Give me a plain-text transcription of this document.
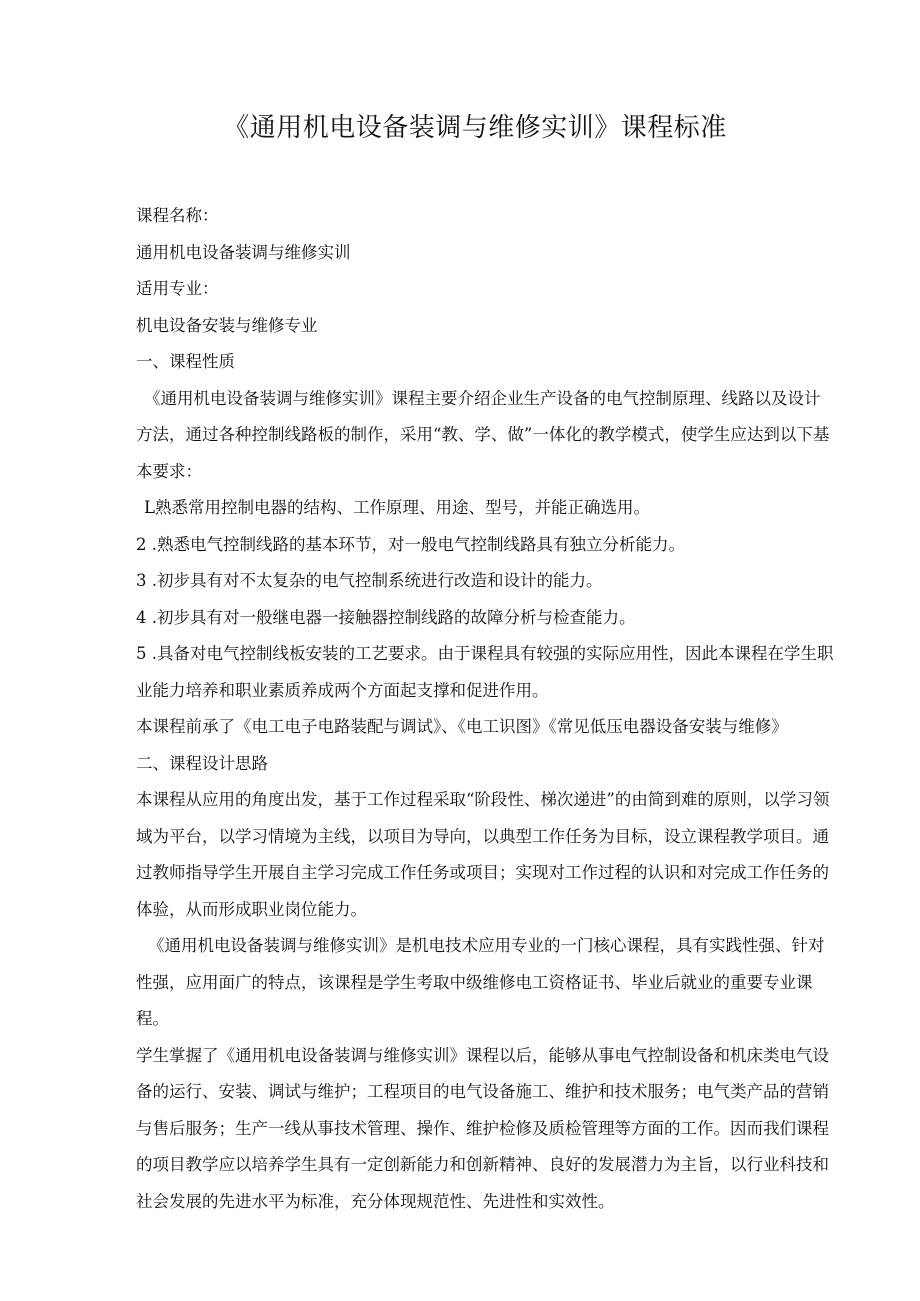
《通用机电设备装调与维修实训》课程标准

课程名称：

通用机电设备装调与维修实训

适用专业：

机电设备安装与维修专业

一、课程性质

《通用机电设备装调与维修实训》课程主要介绍企业生产设备的电气控制原理、线路以及设计方法，通过各种控制线路板的制作，采用“教、学、做”一体化的教学模式，使学生应达到以下基本要求：

L熟悉常用控制电器的结构、工作原理、用途、型号，并能正确选用。

2 .熟悉电气控制线路的基本环节，对一般电气控制线路具有独立分析能力。

3 .初步具有对不太复杂的电气控制系统进行改造和设计的能力。

4 .初步具有对一般继电器一接触器控制线路的故障分析与检查能力。

5 .具备对电气控制线板安装的工艺要求。由于课程具有较强的实际应用性，因此本课程在学生职业能力培养和职业素质养成两个方面起支撑和促进作用。

本课程前承了《电工电子电路装配与调试》、《电工识图》《常见低压电器设备安装与维修》

二、课程设计思路

本课程从应用的角度出发，基于工作过程采取“阶段性、梯次递进”的由简到难的原则，以学习领域为平台，以学习情境为主线，以项目为导向，以典型工作任务为目标，设立课程教学项目。通过教师指导学生开展自主学习完成工作任务或项目；实现对工作过程的认识和对完成工作任务的体验，从而形成职业岗位能力。

《通用机电设备装调与维修实训》是机电技术应用专业的一门核心课程，具有实践性强、针对性强，应用面广的特点，该课程是学生考取中级维修电工资格证书、毕业后就业的重要专业课程。

学生掌握了《通用机电设备装调与维修实训》课程以后，能够从事电气控制设备和机床类电气设备的运行、安装、调试与维护；工程项目的电气设备施工、维护和技术服务；电气类产品的营销与售后服务；生产一线从事技术管理、操作、维护检修及质检管理等方面的工作。因而我们课程的项目教学应以培养学生具有一定创新能力和创新精神、良好的发展潜力为主旨，以行业科技和社会发展的先进水平为标准，充分体现规范性、先进性和实效性。
